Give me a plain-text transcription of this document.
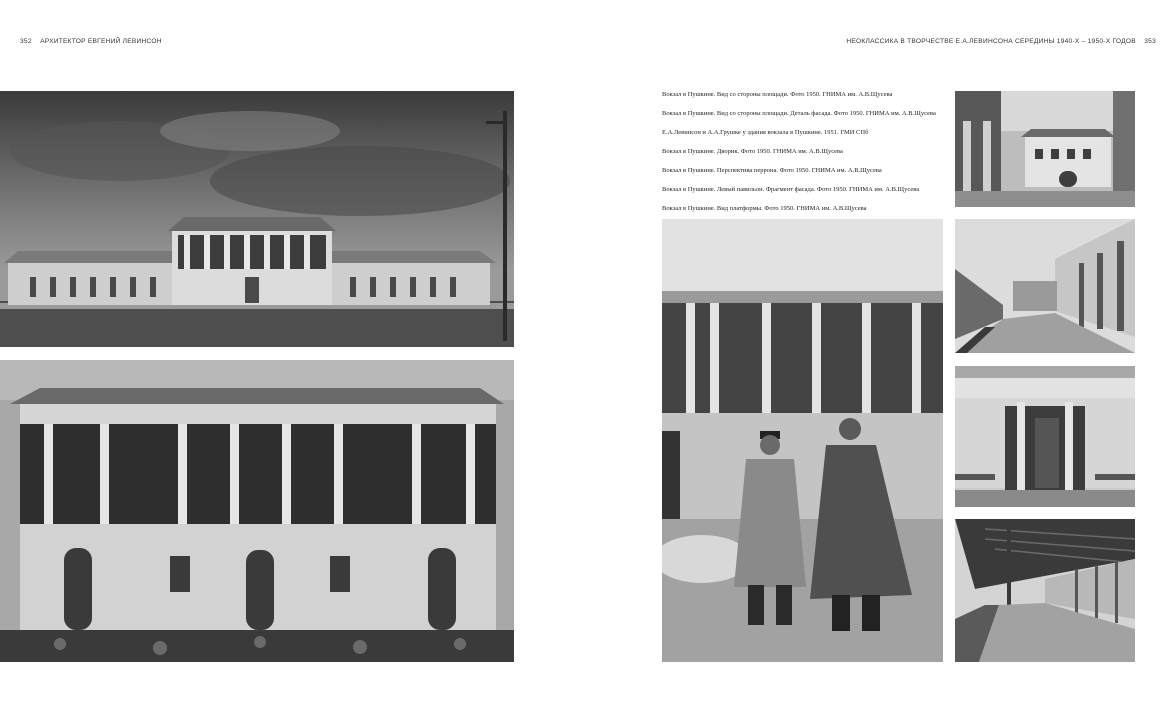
352 АРХИТЕКТОР ЕВГЕНИЙ ЛЕВИНСОН	НЕОКЛАССИКА В ТВОРЧЕСТВЕ Е.А.ЛЕВИНСОНА СЕРЕДИНЫ 1940-Х – 1950-Х ГОДОВ 353
Вокзал в Пушкине. Вид со стороны площади. Фото 1950. ГНИМА им. А.В.Щусева
Вокзал в Пушкине. Вид со стороны площади. Деталь фасада. Фото 1950. ГНИМА им. А.В.Щусева
Е.А.Левинсон и А.А.Грушке у здания вокзала в Пушкине. 1951. ГМИ СПб
Вокзал в Пушкине. Дворик. Фото 1950. ГНИМА им. А.В.Щусева
Вокзал в Пушкине. Перспектива перрона. Фото 1950. ГНИМА им. А.В.Щусева
Вокзал в Пушкине. Левый павильон. Фрагмент фасада. Фото 1950. ГНИМА им. А.В.Щусева
Вокзал в Пушкине. Вид платформы. Фото 1950. ГНИМА им. А.В.Щусева
